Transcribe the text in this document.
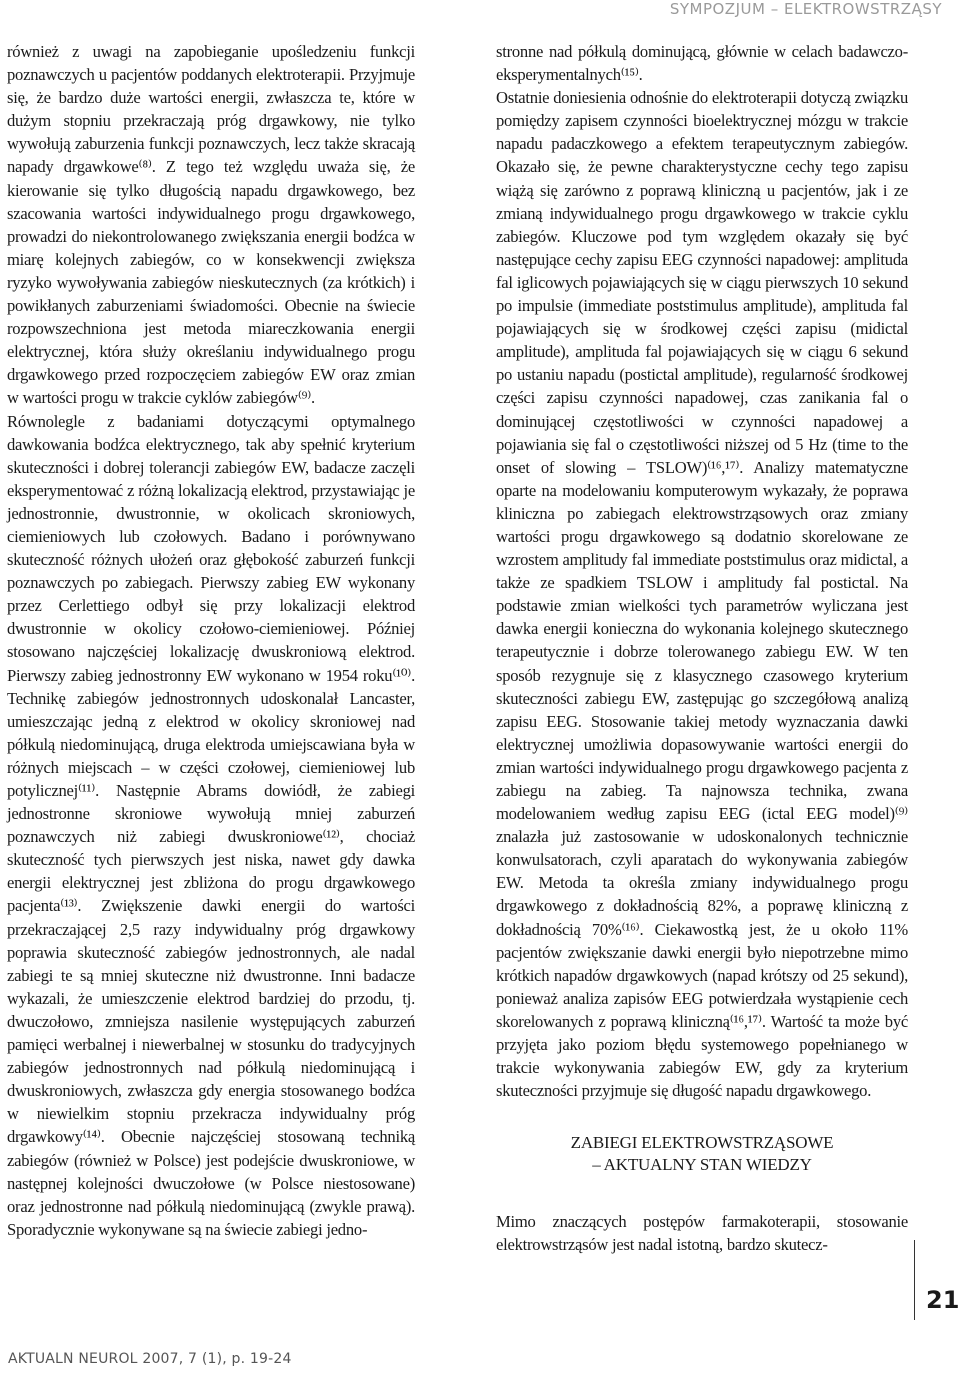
SYMPOZJUM – ELEKTROWSTRZĄSY

również z uwagi na zapobieganie upośledzeniu funkcji poznawczych u pacjentów poddanych elektroterapii. Przyjmuje się, że bardzo duże wartości energii, zwłaszcza te, które w dużym stopniu przekraczają próg drgawkowy, nie tylko wywołują zaburzenia funkcji poznawczych, lecz także skracają napady drgawkowe⁽⁸⁾. Z tego też względu uważa się, że kierowanie się tylko długością napadu drgawkowego, bez szacowania wartości indywidualnego progu drgawkowego, prowadzi do niekontrolowanego zwiększania energii bodźca w miarę kolejnych zabiegów, co w konsekwencji zwiększa ryzyko wywoływania zabiegów nieskutecznych (za krótkich) i powikłanych zaburzeniami świadomości. Obecnie na świecie rozpowszechniona jest metoda miareczkowania energii elektrycznej, która służy określaniu indywidualnego progu drgawkowego przed rozpoczęciem zabiegów EW oraz zmian w wartości progu w trakcie cyklów zabiegów⁽⁹⁾.

Równolegle z badaniami dotyczącymi optymalnego dawkowania bodźca elektrycznego, tak aby spełnić kryterium skuteczności i dobrej tolerancji zabiegów EW, badacze zaczęli eksperymentować z różną lokalizacją elektrod, przystawiając je jednostronnie, dwustronnie, w okolicach skroniowych, ciemieniowych lub czołowych. Badano i porównywano skuteczność różnych ułożeń oraz głębokość zaburzeń funkcji poznawczych po zabiegach. Pierwszy zabieg EW wykonany przez Cerlettiego odbył się przy lokalizacji elektrod dwustronnie w okolicy czołowo-ciemieniowej. Później stosowano najczęściej lokalizację dwuskroniową elektrod. Pierwszy zabieg jednostronny EW wykonano w 1954 roku⁽¹⁰⁾. Technikę zabiegów jednostronnych udoskonalał Lancaster, umieszczając jedną z elektrod w okolicy skroniowej nad półkulą niedominującą, druga elektroda umiejscawiana była w różnych miejscach – w części czołowej, ciemieniowej lub potylicznej⁽¹¹⁾. Następnie Abrams dowiódł, że zabiegi jednostronne skroniowe wywołują mniej zaburzeń poznawczych niż zabiegi dwuskroniowe⁽¹²⁾, chociaż skuteczność tych pierwszych jest niska, nawet gdy dawka energii elektrycznej jest zbliżona do progu drgawkowego pacjenta⁽¹³⁾. Zwiększenie dawki energii do wartości przekraczającej 2,5 razy indywidualny próg drgawkowy poprawia skuteczność zabiegów jednostronnych, ale nadal zabiegi te są mniej skuteczne niż dwustronne. Inni badacze wykazali, że umieszczenie elektrod bardziej do przodu, tj. dwuczołowo, zmniejsza nasilenie występujących zaburzeń pamięci werbalnej i niewerbalnej w stosunku do tradycyjnych zabiegów jednostronnych nad półkulą niedominującą i dwuskroniowych, zwłaszcza gdy energia stosowanego bodźca w niewielkim stopniu przekracza indywidualny próg drgawkowy⁽¹⁴⁾. Obecnie najczęściej stosowaną techniką zabiegów (również w Polsce) jest podejście dwuskroniowe, w następnej kolejności dwuczołowe (w Polsce niestosowane) oraz jednostronne nad półkulą niedominującą (zwykle prawą). Sporadycznie wykonywane są na świecie zabiegi jedno-

stronne nad półkulą dominującą, głównie w celach badawczo-eksperymentalnych⁽¹⁵⁾.

Ostatnie doniesienia odnośnie do elektroterapii dotyczą związku pomiędzy zapisem czynności bioelektrycznej mózgu w trakcie napadu padaczkowego a efektem terapeutycznym zabiegów. Okazało się, że pewne charakterystyczne cechy tego zapisu wiążą się zarówno z poprawą kliniczną u pacjentów, jak i ze zmianą indywidualnego progu drgawkowego w trakcie cyklu zabiegów. Kluczowe pod tym względem okazały się być następujące cechy zapisu EEG czynności napadowej: amplituda fal iglicowych pojawiających się w ciągu pierwszych 10 sekund po impulsie (immediate poststimulus amplitude), amplituda fal pojawiających się w środkowej części zapisu (midictal amplitude), amplituda fal pojawiających się w ciągu 6 sekund po ustaniu napadu (postictal amplitude), regularność środkowej części zapisu czynności napadowej, czas zanikania fal o dominującej częstotliwości w czynności napadowej a pojawiania się fal o częstotliwości niższej od 5 Hz (time to the onset of slowing – TSLOW)⁽¹⁶,¹⁷⁾. Analizy matematyczne oparte na modelowaniu komputerowym wykazały, że poprawa kliniczna po zabiegach elektrowstrząsowych oraz zmiany wartości progu drgawkowego są dodatnio skorelowane ze wzrostem amplitudy fal immediate poststimulus oraz midictal, a także ze spadkiem TSLOW i amplitudy fal postictal. Na podstawie zmian wielkości tych parametrów wyliczana jest dawka energii konieczna do wykonania kolejnego skutecznego terapeutycznie i dobrze tolerowanego zabiegu EW. W ten sposób rezygnuje się z klasycznego czasowego kryterium skuteczności zabiegu EW, zastępując go szczegółową analizą zapisu EEG. Stosowanie takiej metody wyznaczania dawki elektrycznej umożliwia dopasowywanie wartości energii do zmian wartości indywidualnego progu drgawkowego pacjenta z zabiegu na zabieg. Ta najnowsza technika, zwana modelowaniem według zapisu EEG (ictal EEG model)⁽⁹⁾ znalazła już zastosowanie w udoskonalonych technicznie konwulsatorach, czyli aparatach do wykonywania zabiegów EW. Metoda ta określa zmiany indywidualnego progu drgawkowego z dokładnością 82%, a poprawę kliniczną z dokładnością 70%⁽¹⁶⁾. Ciekawostką jest, że u około 11% pacjentów zwiększanie dawki energii było niepotrzebne mimo krótkich napadów drgawkowych (napad krótszy od 25 sekund), ponieważ analiza zapisów EEG potwierdzała wystąpienie cech skorelowanych z poprawą kliniczną⁽¹⁶,¹⁷⁾. Wartość ta może być przyjęta jako poziom błędu systemowego popełnianego w trakcie wykonywania zabiegów EW, gdy za kryterium skuteczności przyjmuje się długość napadu drgawkowego.

ZABIEGI ELEKTROWSTRZĄSOWE
– AKTUALNY STAN WIEDZY

Mimo znaczących postępów farmakoterapii, stosowanie elektrowstrząsów jest nadal istotną, bardzo skutecz-

21
AKTUALN NEUROL 2007, 7 (1), p. 19-24
